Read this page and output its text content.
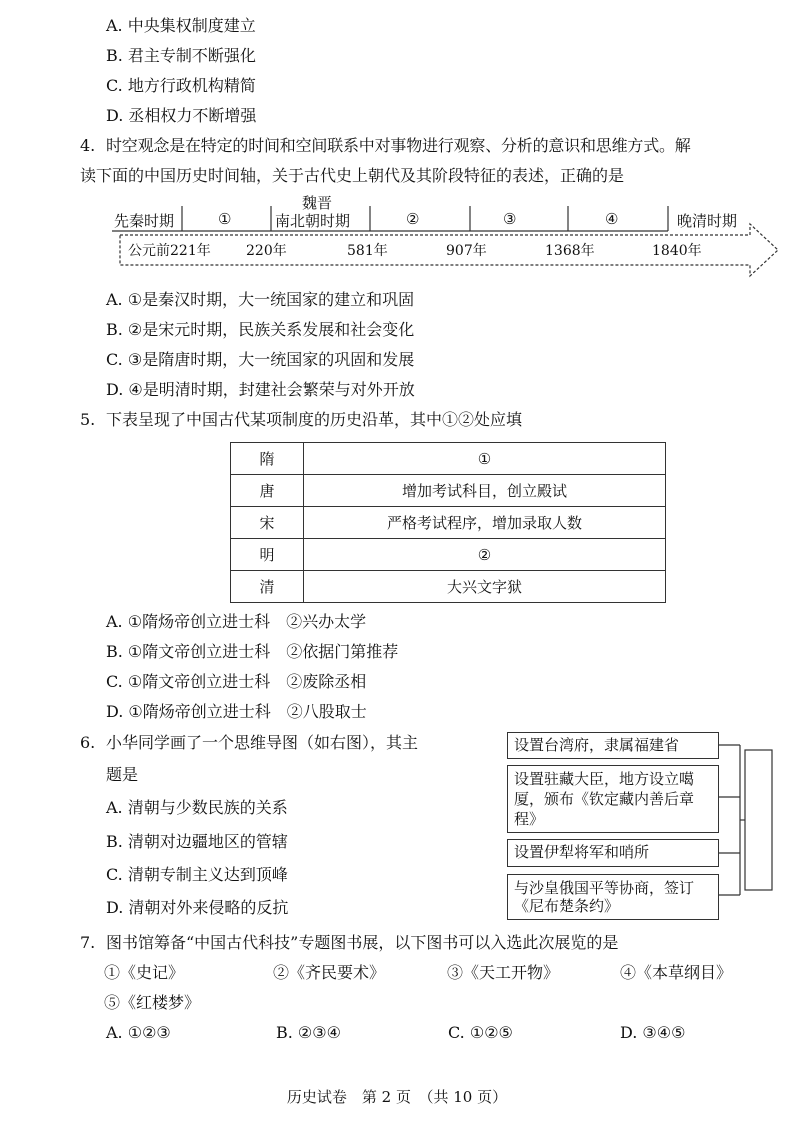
A. 中央集权制度建立
B. 君主专制不断强化
C. 地方行政机构精简
D. 丞相权力不断增强
4. 时空观念是在特定的时间和空间联系中对事物进行观察、分析的意识和思维方式。解
读下面的中国历史时间轴，关于古代史上朝代及其阶段特征的表述，正确的是
先秦时期	①
魏晋
南北朝时期	②	③	④	晚清时期
公元前221年	220年	581年	907年	1368年	1840年
A. ①是秦汉时期，大一统国家的建立和巩固
B. ②是宋元时期，民族关系发展和社会变化
C. ③是隋唐时期，大一统国家的巩固和发展
D. ④是明清时期，封建社会繁荣与对外开放
5. 下表呈现了中国古代某项制度的历史沿革，其中①②处应填
隋	①
唐	增加考试科目，创立殿试
宋	严格考试程序，增加录取人数
明	②
清	大兴文字狱
A. ①隋炀帝创立进士科　②兴办太学
B. ①隋文帝创立进士科　②依据门第推荐
C. ①隋文帝创立进士科　②废除丞相
D. ①隋炀帝创立进士科　②八股取士
6. 小华同学画了一个思维导图（如右图），其主
题是
A. 清朝与少数民族的关系
B. 清朝对边疆地区的管辖
C. 清朝专制主义达到顶峰
D. 清朝对外来侵略的反抗
设置台湾府，隶属福建省
设置驻藏大臣，地方设立噶厦，颁布《钦定藏内善后章程》
设置伊犁将军和哨所
与沙皇俄国平等协商，签订《尼布楚条约》
7. 图书馆筹备“中国古代科技”专题图书展，以下图书可以入选此次展览的是
①《史记》	②《齐民要术》	③《天工开物》	④《本草纲目》
⑤《红楼梦》
A. ①②③	B. ②③④	C. ①②⑤	D. ③④⑤
历史试卷　第 2 页　（共 10 页）
